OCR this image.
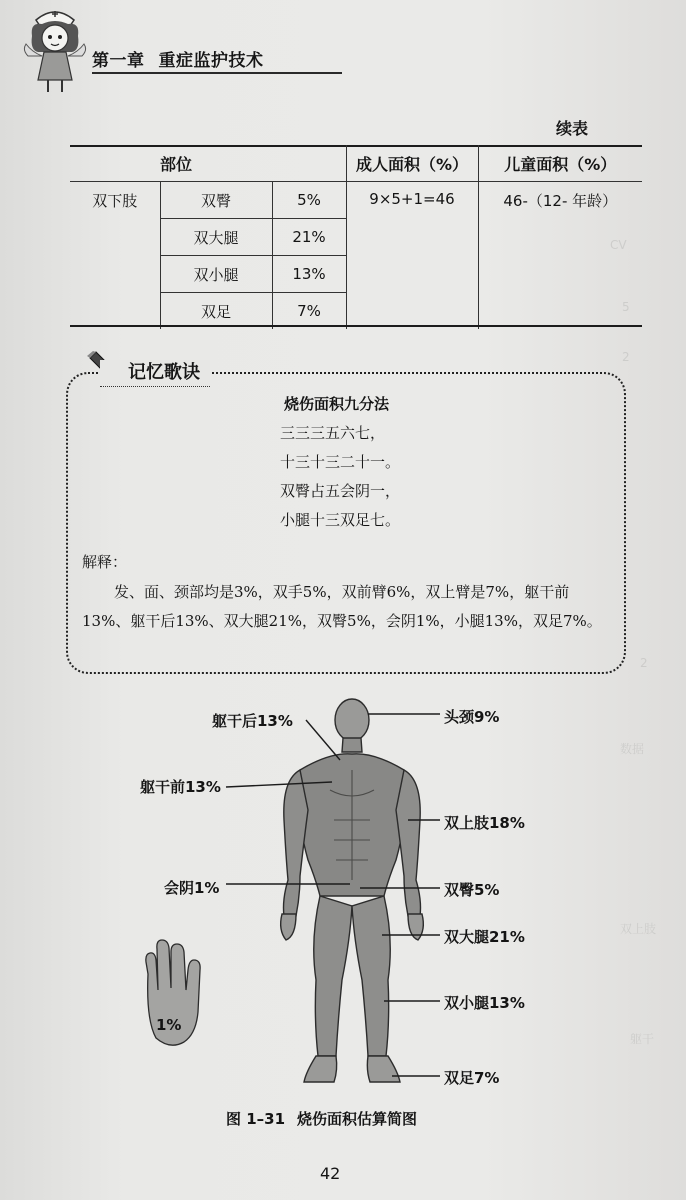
CV
5
2
2
数据
双上肢
躯干
第一章 重症监护技术
续表
部位			成人面积（%）	儿童面积（%）
双下肢	双臀	5%	9×5+1=46	46-（12- 年龄）
	双大腿	21%		
	双小腿	13%		
	双足	7%		
记忆歌诀
烧伤面积九分法
三三三五六七，
十三十三二十一。
双臀占五会阴一，
小腿十三双足七。
解释：
发、面、颈部均是3%，双手5%，双前臂6%，双上臂是7%，躯干前13%、躯干后13%、双大腿21%，双臀5%，会阴1%，小腿13%，双足7%。
躯干后13%
躯干前13%
会阴1%
头颈9%
双上肢18%
双臀5%
双大腿21%
双小腿13%
双足7%
1%
图 1–31 烧伤面积估算简图
42
